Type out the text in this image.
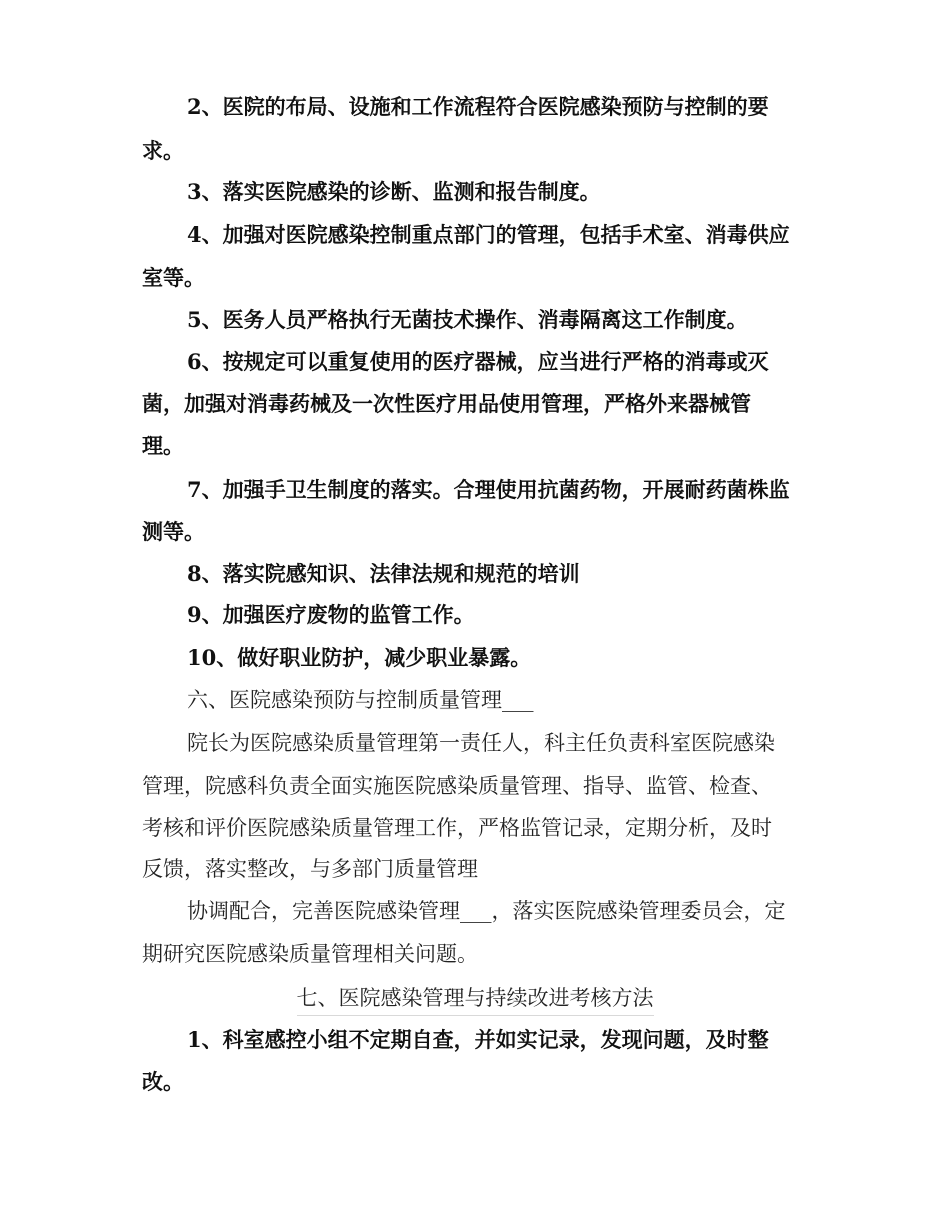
2、医院的布局、设施和工作流程符合医院感染预防与控制的要
求。
3、落实医院感染的诊断、监测和报告制度。
4、加强对医院感染控制重点部门的管理，包括手术室、消毒供应
室等。
5、医务人员严格执行无菌技术操作、消毒隔离这工作制度。
6、按规定可以重复使用的医疗器械，应当进行严格的消毒或灭
菌，加强对消毒药械及一次性医疗用品使用管理，严格外来器械管
理。
7、加强手卫生制度的落实。合理使用抗菌药物，开展耐药菌株监
测等。
8、落实院感知识、法律法规和规范的培训
9、加强医疗废物的监管工作。
10、做好职业防护，减少职业暴露。
六、医院感染预防与控制质量管理___
院长为医院感染质量管理第一责任人，科主任负责科室医院感染
管理，院感科负责全面实施医院感染质量管理、指导、监管、检查、
考核和评价医院感染质量管理工作，严格监管记录，定期分析，及时
反馈，落实整改，与多部门质量管理
协调配合，完善医院感染管理___，落实医院感染管理委员会，定
期研究医院感染质量管理相关问题。
七、医院感染管理与持续改进考核方法
1、科室感控小组不定期自查，并如实记录，发现问题，及时整
改。
